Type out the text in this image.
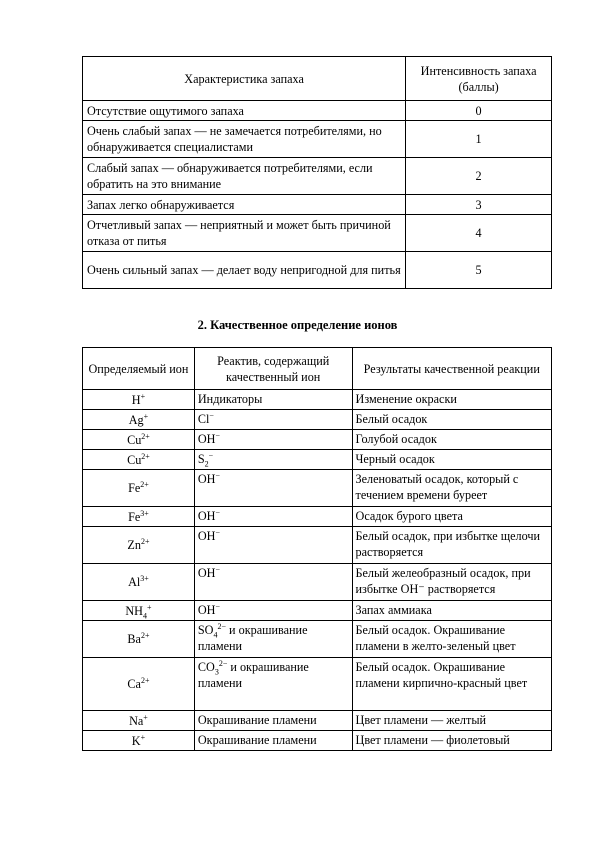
Характеристика запаха	Интенсивность запаха (баллы)
Отсутствие ощутимого запаха	0
Очень слабый запах — не замечается потребителями, но обнаруживается специалистами	1
Слабый запах — обнаруживается потребителями, если обратить на это внимание	2
Запах легко обнаруживается	3
Отчетливый запах — неприятный и может быть причиной отказа от питья	4
Очень сильный запах — делает воду непригодной для питья	5
2. Качественное определение ионов
Определяемый ион	Реактив, содержащий качественный ион	Результаты качественной реакции
H+	Индикаторы	Изменение окраски
Ag+	Cl−	Белый осадок
$Cu^{2+}$	OH−	Голубой осадок
$Cu^{2+}$	$S_2^-$	Черный осадок
$Fe^{2+}$	OH−	Зеленоватый осадок, который с течением времени буреет
$Fe^{3+}$	OH−	Осадок бурого цвета
$Zn^{2+}$	OH−	Белый осадок, при избытке щелочи растворяется
$Al^{3+}$	OH−	Белый желеобразный осадок, при избытке OH⁻ растворяется
$NH_4^+$	OH−	Запах аммиака
$Ba^{2+}$	$SO_4^{2-}$ и окрашивание пламени	Белый осадок. Окрашивание пламени в желто-зеленый цвет
$Ca^{2+}$	$CO_3^{2-}$ и окрашивание пламени	Белый осадок. Окрашивание пламени кирпично-красный цвет
Na+	Окрашивание пламени	Цвет пламени — желтый
K+	Окрашивание пламени	Цвет пламени — фиолетовый
